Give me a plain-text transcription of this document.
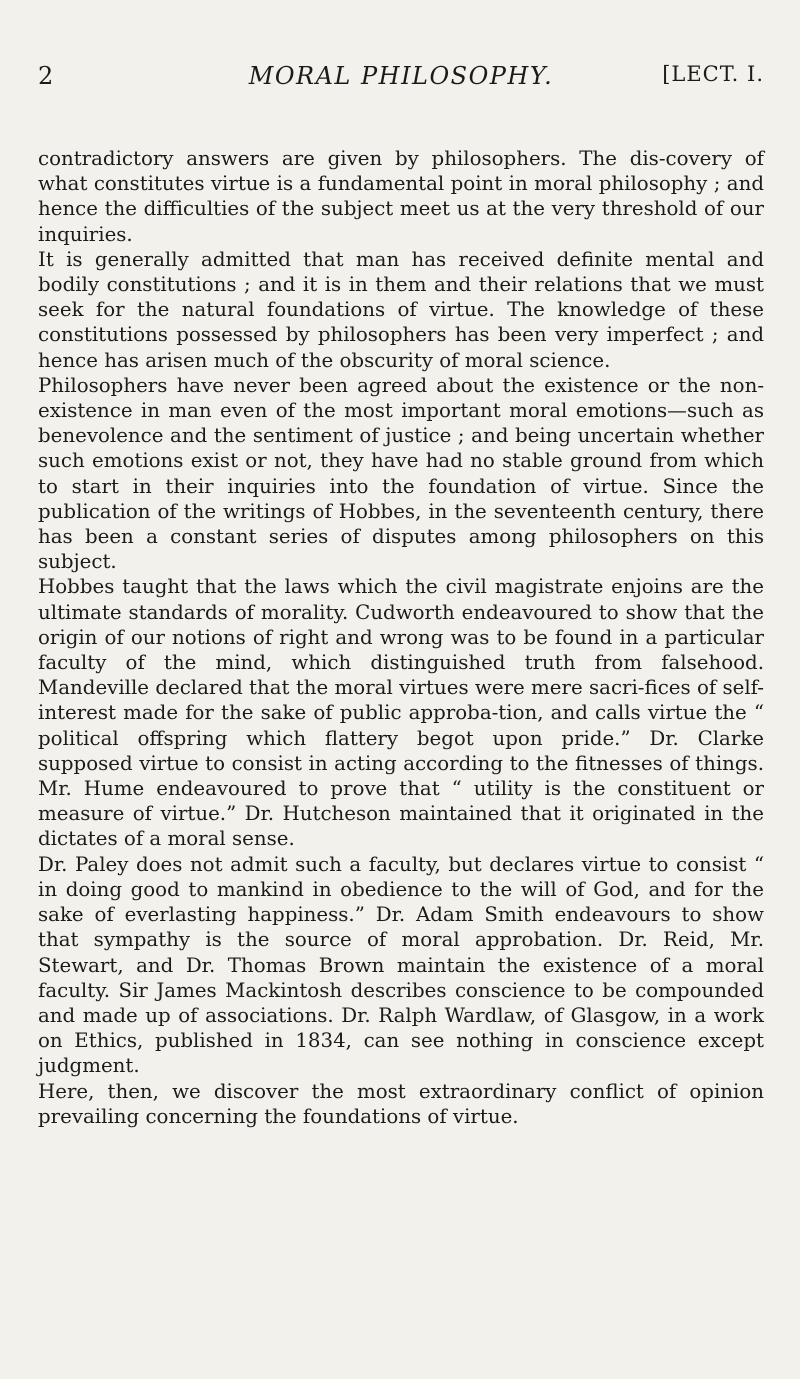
2	MORAL PHILOSOPHY.	[LECT. I.

contradictory answers are given by philosophers. The dis-covery of what constitutes virtue is a fundamental point in moral philosophy ; and hence the difficulties of the subject meet us at the very threshold of our inquiries.

It is generally admitted that man has received definite mental and bodily constitutions ; and it is in them and their relations that we must seek for the natural foundations of virtue. The knowledge of these constitutions possessed by philosophers has been very imperfect ; and hence has arisen much of the obscurity of moral science.

Philosophers have never been agreed about the existence or the non-existence in man even of the most important moral emotions—such as benevolence and the sentiment of justice ; and being uncertain whether such emotions exist or not, they have had no stable ground from which to start in their inquiries into the foundation of virtue. Since the publication of the writings of Hobbes, in the seventeenth century, there has been a constant series of disputes among philosophers on this subject.

Hobbes taught that the laws which the civil magistrate enjoins are the ultimate standards of morality. Cudworth endeavoured to show that the origin of our notions of right and wrong was to be found in a particular faculty of the mind, which distinguished truth from falsehood. Mandeville declared that the moral virtues were mere sacri-fices of self-interest made for the sake of public approba-tion, and calls virtue the “ political offspring which flattery begot upon pride.” Dr. Clarke supposed virtue to consist in acting according to the fitnesses of things. Mr. Hume endeavoured to prove that “ utility is the constituent or measure of virtue.” Dr. Hutcheson maintained that it originated in the dictates of a moral sense.

Dr. Paley does not admit such a faculty, but declares virtue to consist “ in doing good to mankind in obedience to the will of God, and for the sake of everlasting happiness.” Dr. Adam Smith endeavours to show that sympathy is the source of moral approbation. Dr. Reid, Mr. Stewart, and Dr. Thomas Brown maintain the existence of a moral faculty. Sir James Mackintosh describes conscience to be compounded and made up of associations. Dr. Ralph Wardlaw, of Glasgow, in a work on Ethics, published in 1834, can see nothing in conscience except judgment.

Here, then, we discover the most extraordinary conflict of opinion prevailing concerning the foundations of virtue.
